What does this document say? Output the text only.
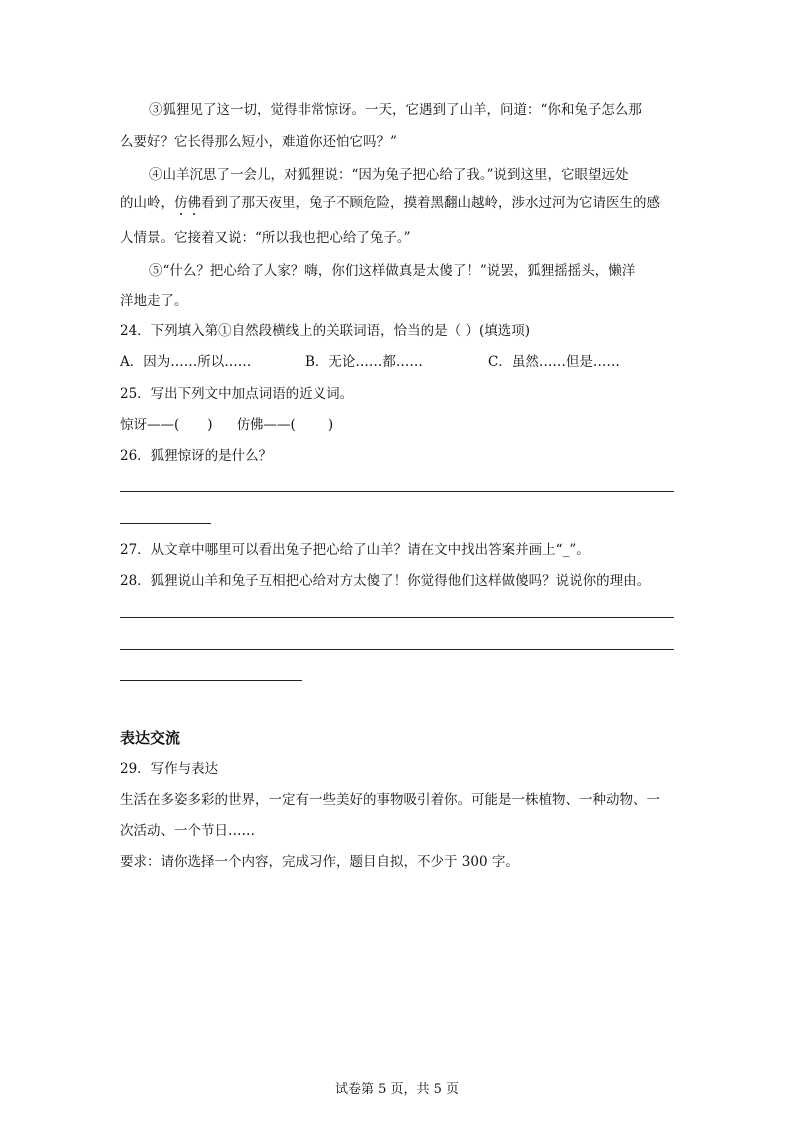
③狐狸见了这一切，觉得非常惊讶。一天，它遇到了山羊，问道：“你和兔子怎么那
么要好？它长得那么短小，难道你还怕它吗？”
④山羊沉思了一会儿，对狐狸说：“因为兔子把心给了我。”说到这里，它眼望远处
的山岭，仿佛看到了那天夜里，兔子不顾危险，摸着黑翻山越岭，涉水过河为它请医生的感
人情景。它接着又说：“所以我也把心给了兔子。”
⑤“什么？把心给了人家？嗨，你们这样做真是太傻了！”说罢，狐狸摇摇头，懒洋
洋地走了。
24．下列填入第①自然段横线上的关联词语，恰当的是（ ）(填选项)
A．因为……所以……	B．无论……都……	C．虽然……但是……
25．写出下列文中加点词语的近义词。
惊讶——( ) 仿佛——( )
26．狐狸惊讶的是什么？
27．从文章中哪里可以看出兔子把心给了山羊？请在文中找出答案并画上“_”。
28．狐狸说山羊和兔子互相把心给对方太傻了！你觉得他们这样做傻吗？说说你的理由。
表达交流
29．写作与表达
生活在多姿多彩的世界，一定有一些美好的事物吸引着你。可能是一株植物、一种动物、一
次活动、一个节日……
要求：请你选择一个内容，完成习作，题目自拟，不少于 300 字。
试卷第 5 页，共 5 页
